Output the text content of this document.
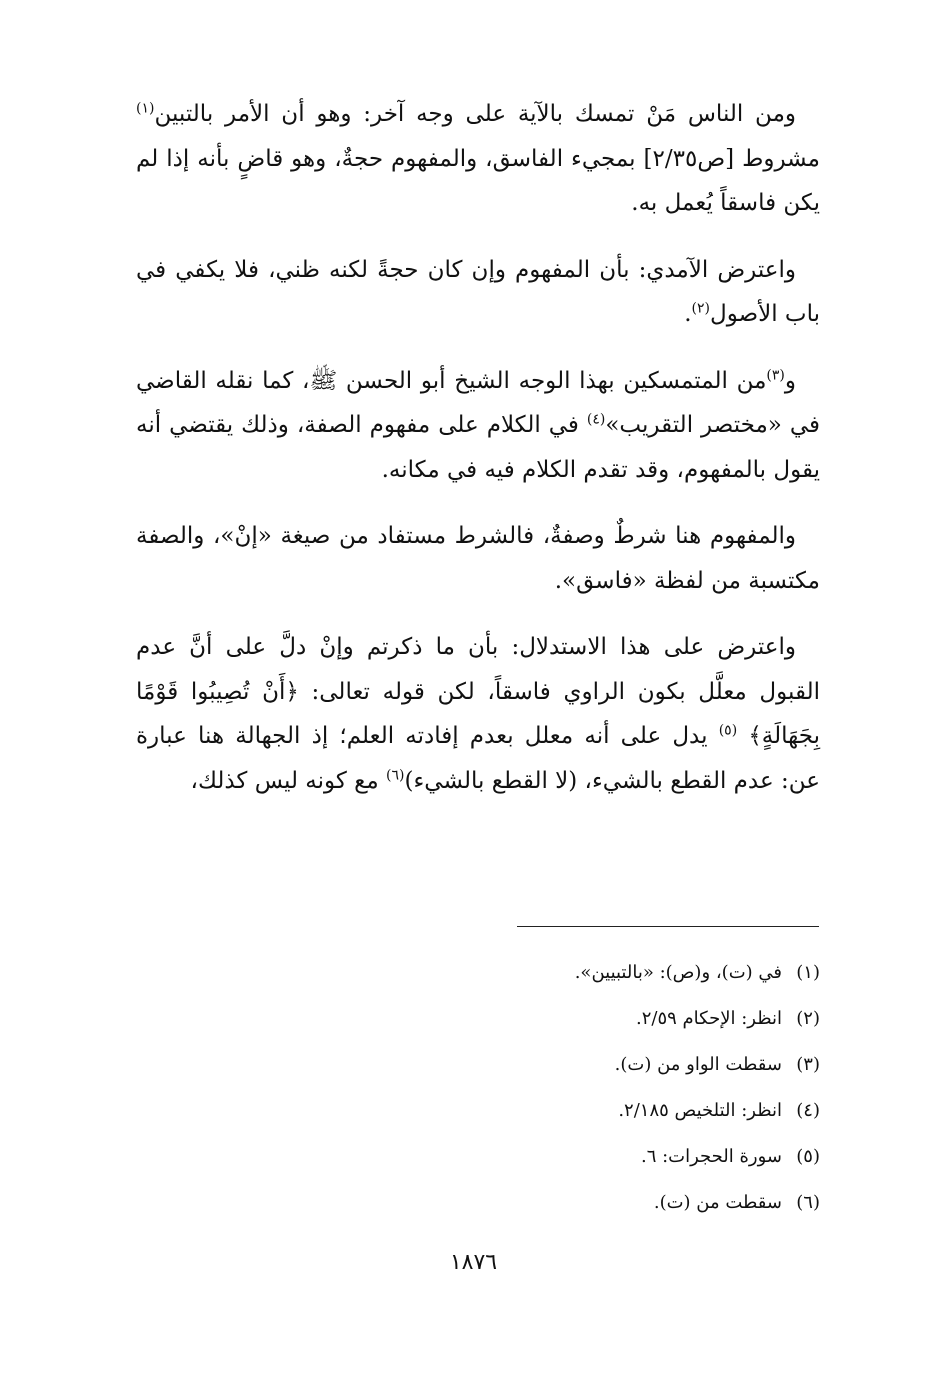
ومن الناس مَنْ تمسك بالآية على وجه آخر: وهو أن الأمر بالتبين$^{(١)}$ مشروط [ص٢/٣٥] بمجيء الفاسق، والمفهوم حجةٌ، وهو قاضٍ بأنه إذا لم يكن فاسقاً يُعمل به.

واعترض الآمدي: بأن المفهوم وإن كان حجةً لكنه ظني، فلا يكفي في باب الأصول$^{(٢)}$.

و$^{(٣)}$من المتمسكين بهذا الوجه الشيخ أبو الحسن ﷺ، كما نقله القاضي في «مختصر التقريب»$^{(٤)}$ في الكلام على مفهوم الصفة، وذلك يقتضي أنه يقول بالمفهوم، وقد تقدم الكلام فيه في مكانه.

والمفهوم هنا شرطٌ وصفةٌ، فالشرط مستفاد من صيغة «إنْ»، والصفة مكتسبة من لفظة «فاسق».

واعترض على هذا الاستدلال: بأن ما ذكرتم وإنْ دلَّ على أنَّ عدم القبول معلَّل بكون الراوي فاسقاً، لكن قوله تعالى: ﴿أَنْ تُصِيبُوا قَوْمًا بِجَهَالَةٍ﴾ $^{(٥)}$ يدل على أنه معلل بعدم إفادته العلم؛ إذ الجهالة هنا عبارة عن: عدم القطع بالشيء، (لا القطع بالشيء)$^{(٦)}$ مع كونه ليس كذلك،

(١)في (ت)، و(ص): «بالتبيين».
(٢)انظر: الإحكام ٢/٥٩.
(٣)سقطت الواو من (ت).
(٤)انظر: التلخيص ٢/١٨٥.
(٥)سورة الحجرات: ٦.
(٦)سقطت من (ت).
١٨٧٦
